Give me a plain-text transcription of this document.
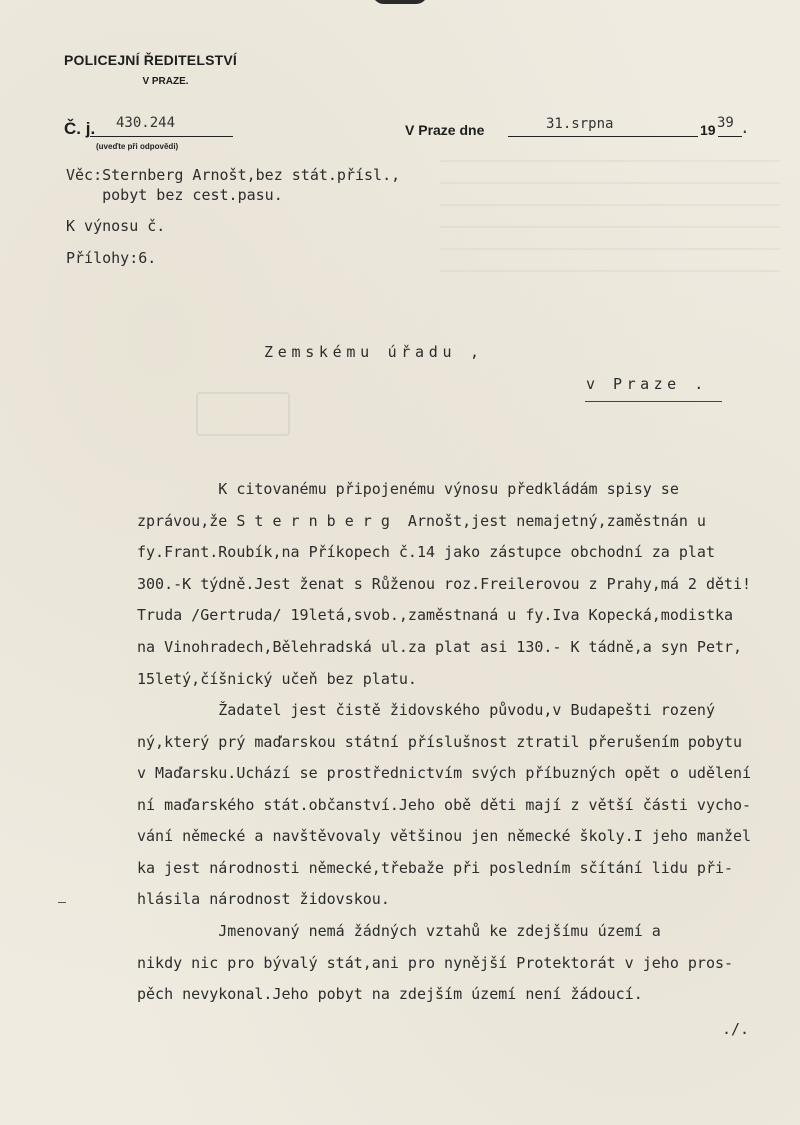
POLICEJNÍ ŘEDITELSTVÍ
V PRAZE.
Č. j. 430.244
(uveďte při odpovědi)
V Praze dne	31.srpna	19 39 .
Věc:Sternberg Arnošt,bez stát.přísl.,
pobyt bez cest.pasu.
K výnosu č.
Přílohy:6.
Zemskému úřadu ,
v Praze .
K citovanému připojenému výnosu předkládám spisy se
zprávou,že S t e r n b e r g  Arnošt,jest nemajetný,zaměstnán u
fy.Frant.Roubík,na Příkopech č.14 jako zástupce obchodní za plat
300.-K týdně.Jest ženat s Růženou roz.Freilerovou z Prahy,má 2 děti!
Truda /Gertruda/ 19letá,svob.,zaměstnaná u fy.Iva Kopecká,modistka
na Vinohradech,Bělehradská ul.za plat asi 130.- K tádně,a syn Petr,
15letý,číšnický učeň bez platu.
Žadatel jest čistě židovského původu,v Budapešti rozený
ný,který prý maďarskou státní příslušnost ztratil přerušením pobytu
v Maďarsku.Uchází se prostřednictvím svých příbuzných opět o udělení
ní maďarského stát.občanství.Jeho obě děti mají z větší části vycho-
vání německé a navštěvovaly většinou jen německé školy.I jeho manžel
ka jest národnosti německé,třebaže při posledním sčítání lidu při-
hlásila národnost židovskou.
Jmenovaný nemá žádných vztahů ke zdejšímu území a
nikdy nic pro bývalý stát,ani pro nynější Protektorát v jeho pros-
pěch nevykonal.Jeho pobyt na zdejším území není žádoucí.
./.
